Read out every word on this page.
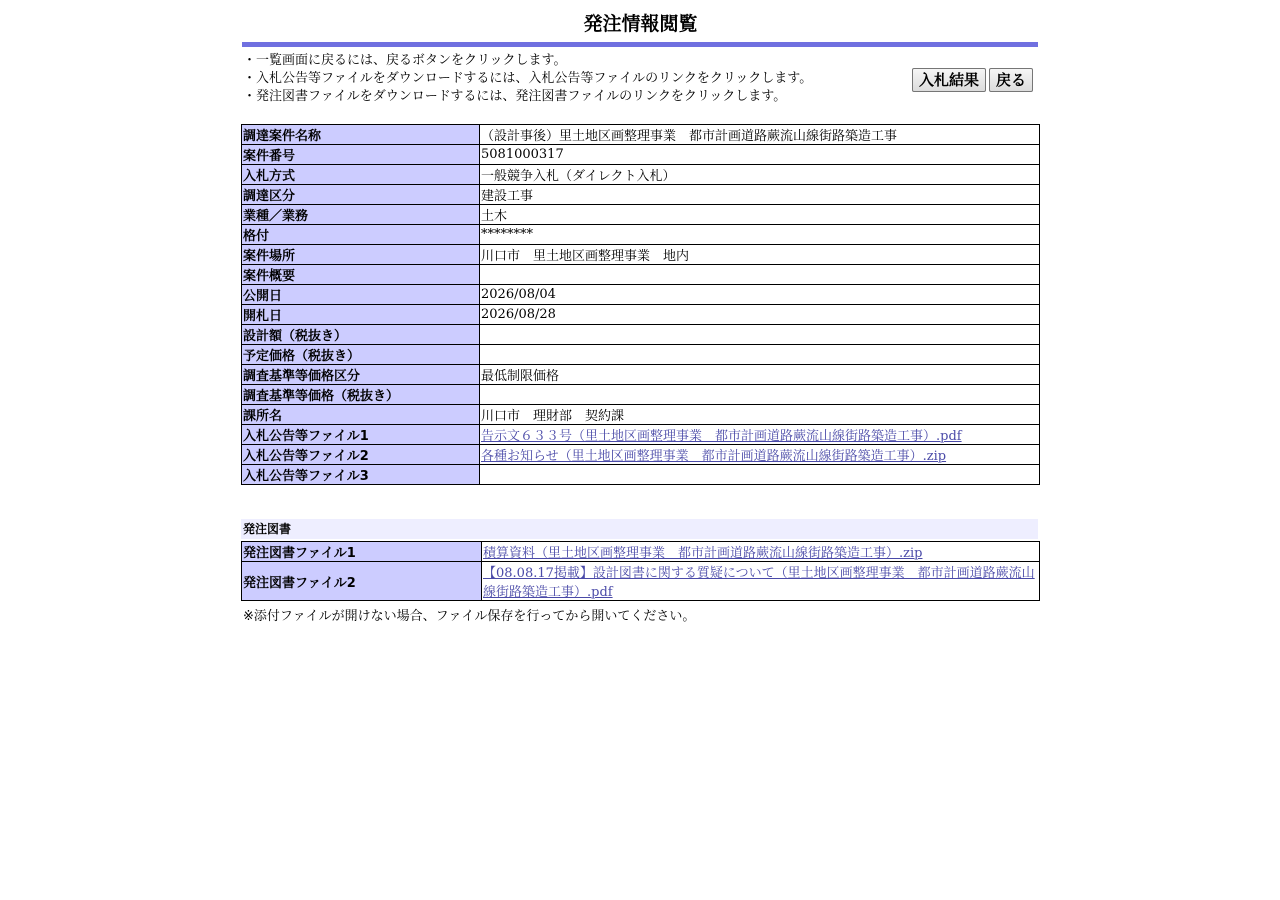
発注情報閲覧
・一覧画面に戻るには、戻るボタンをクリックします。
・入札公告等ファイルをダウンロードするには、入札公告等ファイルのリンクをクリックします。
・発注図書ファイルをダウンロードするには、発注図書ファイルのリンクをクリックします。
入札結果	戻る
調達案件名称	（設計事後）里土地区画整理事業　都市計画道路蕨流山線街路築造工事
案件番号	5081000317
入札方式	一般競争入札（ダイレクト入札）
調達区分	建設工事
業種／業務	土木
格付	********
案件場所	川口市　里土地区画整理事業　地内
案件概要	
公開日	2026/08/04
開札日	2026/08/28
設計額（税抜き）	
予定価格（税抜き）	
調査基準等価格区分	最低制限価格
調査基準等価格（税抜き）	
課所名	川口市　理財部　契約課
入札公告等ファイル1	告示文６３３号（里土地区画整理事業　都市計画道路蕨流山線街路築造工事）.pdf
入札公告等ファイル2	各種お知らせ（里土地区画整理事業　都市計画道路蕨流山線街路築造工事）.zip
入札公告等ファイル3	
発注図書
発注図書ファイル1	積算資料（里土地区画整理事業　都市計画道路蕨流山線街路築造工事）.zip
発注図書ファイル2	【08.08.17掲載】設計図書に関する質疑について（里土地区画整理事業　都市計画道路蕨流山線街路築造工事）.pdf
※添付ファイルが開けない場合、ファイル保存を行ってから開いてください。
